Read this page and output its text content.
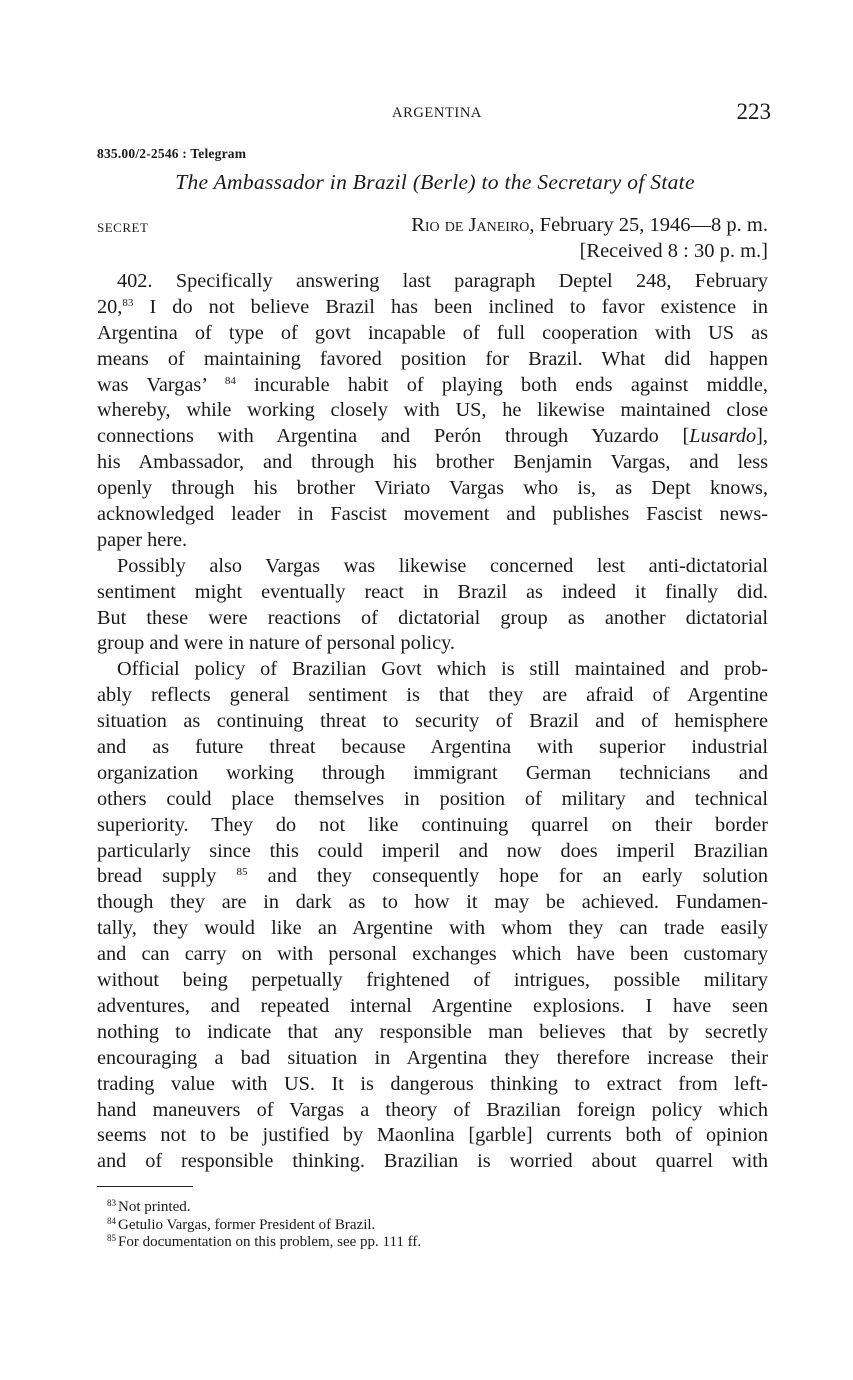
ARGENTINA	223
835.00/2-2546 : Telegram
The Ambassador in Brazil (Berle) to the Secretary of State
SECRET	Rio de Janeiro, February 25, 1946—8 p. m.
[Received 8 : 30 p. m.]
402. Specifically answering last paragraph Deptel 248, February
20,83 I do not believe Brazil has been inclined to favor existence in
Argentina of type of govt incapable of full cooperation with US as
means of maintaining favored position for Brazil. What did happen
was Vargas’ $^{84}$ incurable habit of playing both ends against middle,
whereby, while working closely with US, he likewise maintained close
connections with Argentina and Perón through Yuzardo [Lusardo],
his Ambassador, and through his brother Benjamin Vargas, and less
openly through his brother Viriato Vargas who is, as Dept knows,
acknowledged leader in Fascist movement and publishes Fascist news-
paper here.
Possibly also Vargas was likewise concerned lest anti-dictatorial
sentiment might eventually react in Brazil as indeed it finally did.
But these were reactions of dictatorial group as another dictatorial
group and were in nature of personal policy.
Official policy of Brazilian Govt which is still maintained and prob-
ably reflects general sentiment is that they are afraid of Argentine
situation as continuing threat to security of Brazil and of hemisphere
and as future threat because Argentina with superior industrial
organization working through immigrant German technicians and
others could place themselves in position of military and technical
superiority. They do not like continuing quarrel on their border
particularly since this could imperil and now does imperil Brazilian
bread supply $^{85}$ and they consequently hope for an early solution
though they are in dark as to how it may be achieved. Fundamen-
tally, they would like an Argentine with whom they can trade easily
and can carry on with personal exchanges which have been customary
without being perpetually frightened of intrigues, possible military
adventures, and repeated internal Argentine explosions. I have seen
nothing to indicate that any responsible man believes that by secretly
encouraging a bad situation in Argentina they therefore increase their
trading value with US. It is dangerous thinking to extract from left-
hand maneuvers of Vargas a theory of Brazilian foreign policy which
seems not to be justified by Maonlina [garble] currents both of opinion
and of responsible thinking. Brazilian is worried about quarrel with
$^{83}$ Not printed.
$^{84}$ Getulio Vargas, former President of Brazil.
$^{85}$ For documentation on this problem, see pp. 111 ff.
